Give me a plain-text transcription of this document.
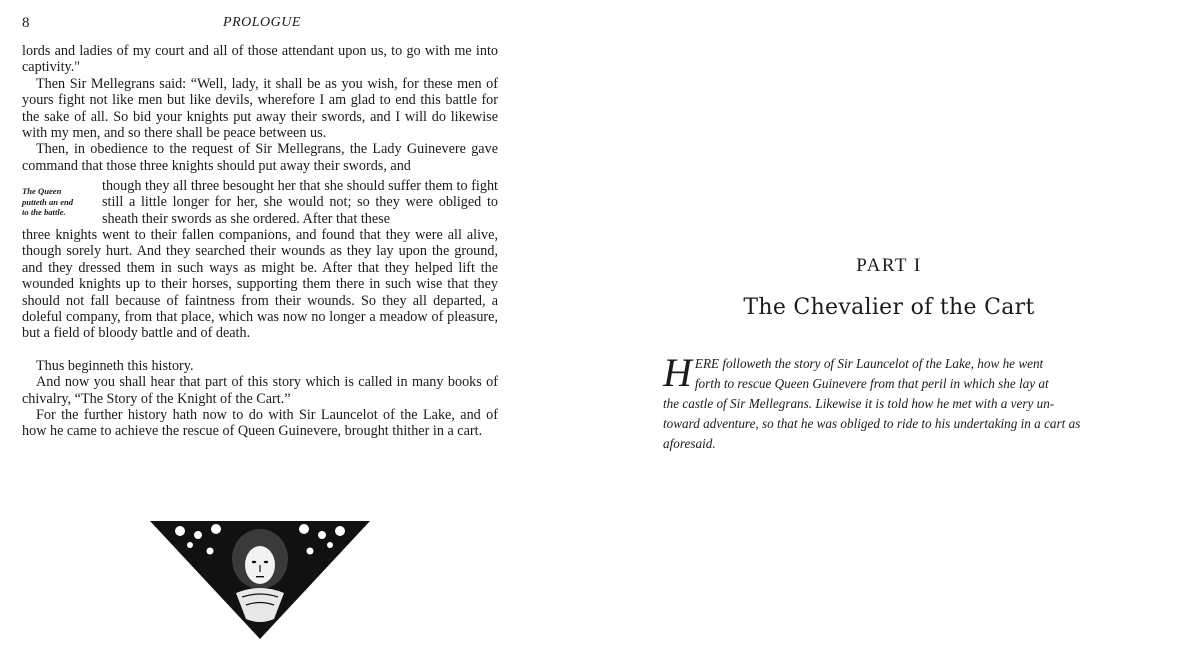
8	PROLOGUE

lords and ladies of my court and all of those attendant upon us, to go with me into captivity."

Then Sir Mellegrans said: “Well, lady, it shall be as you wish, for these men of yours fight not like men but like devils, wherefore I am glad to end this battle for the sake of all. So bid your knights put away their swords, and I will do likewise with my men, and so there shall be peace between us.

Then, in obedience to the request of Sir Mellegrans, the Lady Guinevere gave command that those three knights should put away their swords, and

The Queen
putteth an end
to the battle.

though they all three besought her that she should suffer them to fight still a little longer for her, she would not; so they were obliged to sheath their swords as she ordered. After that these

three knights went to their fallen companions, and found that they were all alive, though sorely hurt. And they searched their wounds as they lay upon the ground, and they dressed them in such ways as might be. After that they helped lift the wounded knights up to their horses, supporting them there in such wise that they should not fall because of faintness from their wounds. So they all departed, a doleful company, from that place, which was now no longer a meadow of pleasure, but a field of bloody battle and of death.

Thus beginneth this history.

And now you shall hear that part of this story which is called in many books of chivalry, “The Story of the Knight of the Cart.”

For the further history hath now to do with Sir Launcelot of the Lake, and of how he came to achieve the rescue of Queen Guinevere, brought thither in a cart.

PART I
The Chevalier of the Cart
H ERE followeth the story of Sir Launcelot of the Lake, how he went
forth to rescue Queen Guinevere from that peril in which she lay at
the castle of Sir Mellegrans. Likewise it is told how he met with a very un-
toward adventure, so that he was obliged to ride to his undertaking in a cart as
aforesaid.
